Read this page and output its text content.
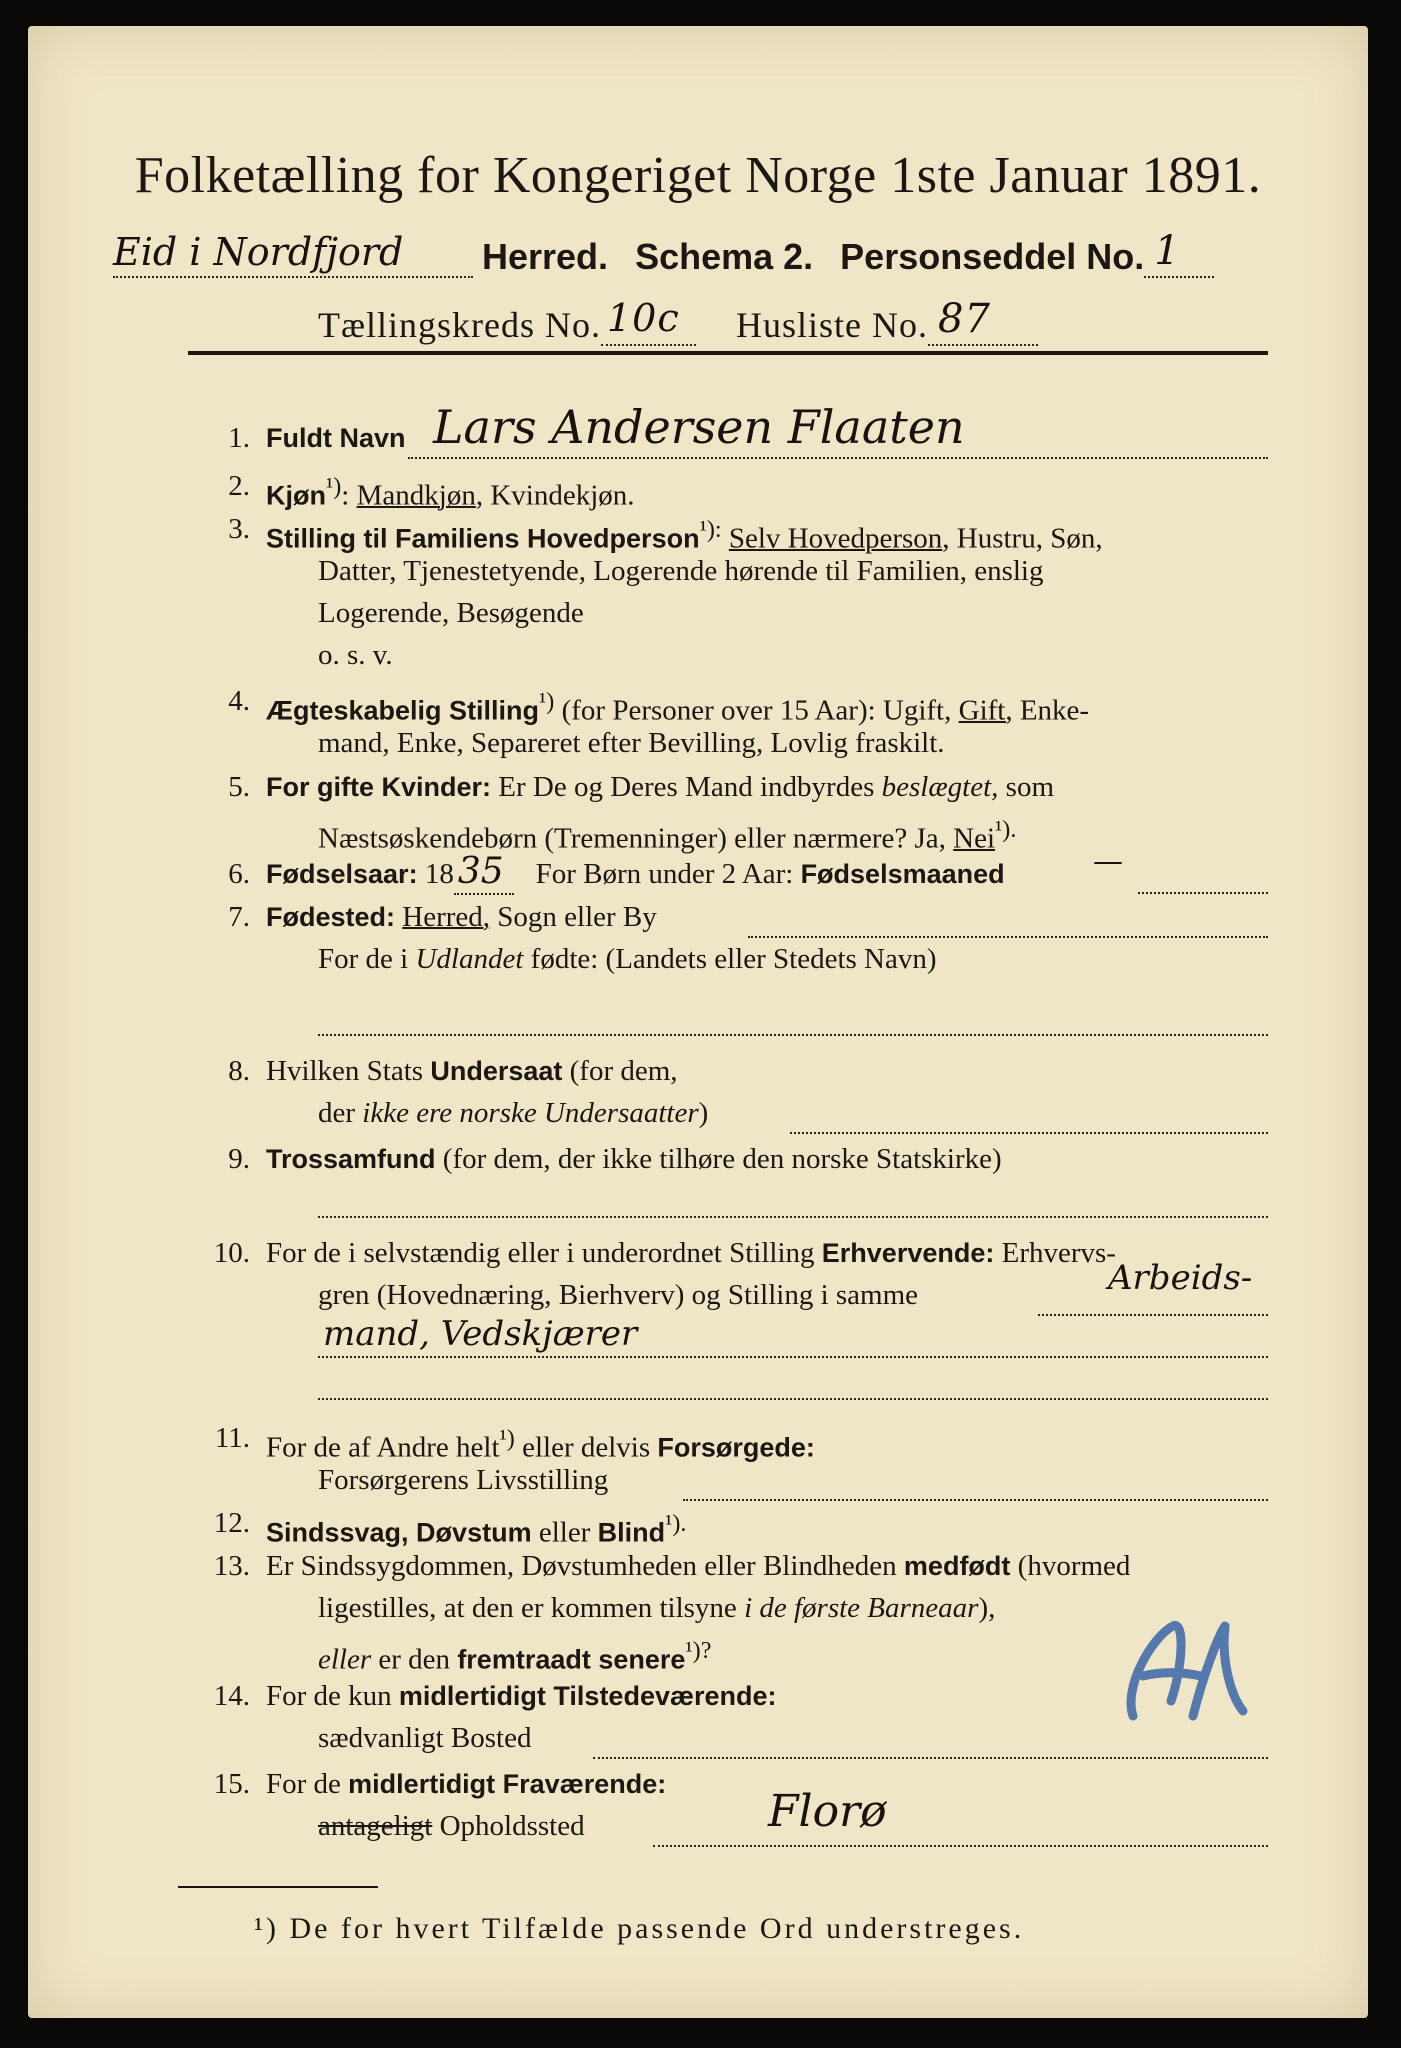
Folketælling for Kongeriget Norge 1ste Januar 1891.
Eid i Nordfjord Herred. Schema 2. Personseddel No. 1
Tællingskreds No. 10c Husliste No. 87
1. Fuldt Navn Lars Andersen Flaaten
2. Kjøn$^{^1)}$: Mandkjøn, Kvindekjøn.
3. Stilling til Familiens Hovedperson$^{^1):}$ Selv Hovedperson, Hustru, Søn,
Datter, Tjenestetyende, Logerende hørende til Familien, enslig
Logerende, Besøgende
o. s. v.
4. Ægteskabelig Stilling$^{^1)}$ (for Personer over 15 Aar): Ugift, Gift, Enke-
mand, Enke, Separeret efter Bevilling, Lovlig fraskilt.
5. For gifte Kvinder: Er De og Deres Mand indbyrdes beslægtet, som
Næstsøskendebørn (Tremenninger) eller nærmere? Ja, Nei$^{^1).}$
6. Fødselsaar: 18 35 For Børn under 2 Aar: Fødselsmaaned	—
7. Fødested: Herred, Sogn eller By
For de i Udlandet fødte: (Landets eller Stedets Navn)
8. Hvilken Stats Undersaat (for dem,
der ikke ere norske Undersaatter)
9. Trossamfund (for dem, der ikke tilhøre den norske Statskirke)
10. For de i selvstændig eller i underordnet Stilling Erhvervende: Erhvervs-
gren (Hovednæring, Bierhverv) og Stilling i samme	Arbeids-
mand, Vedskjærer
11. For de af Andre helt$^{^1)}$ eller delvis Forsørgede:
Forsørgerens Livsstilling
12. Sindssvag, Døvstum eller Blind$^{^1).}$
13. Er Sindssygdommen, Døvstumheden eller Blindheden medfødt (hvormed
ligestilles, at den er kommen tilsyne i de første Barneaar),
eller er den fremtraadt senere$^{^1)?}$
14. For de kun midlertidigt Tilstedeværende:
sædvanligt Bosted
15. For de midlertidigt Fraværende:
antageligt Opholdssted	Florø
¹) De for hvert Tilfælde passende Ord understreges.
